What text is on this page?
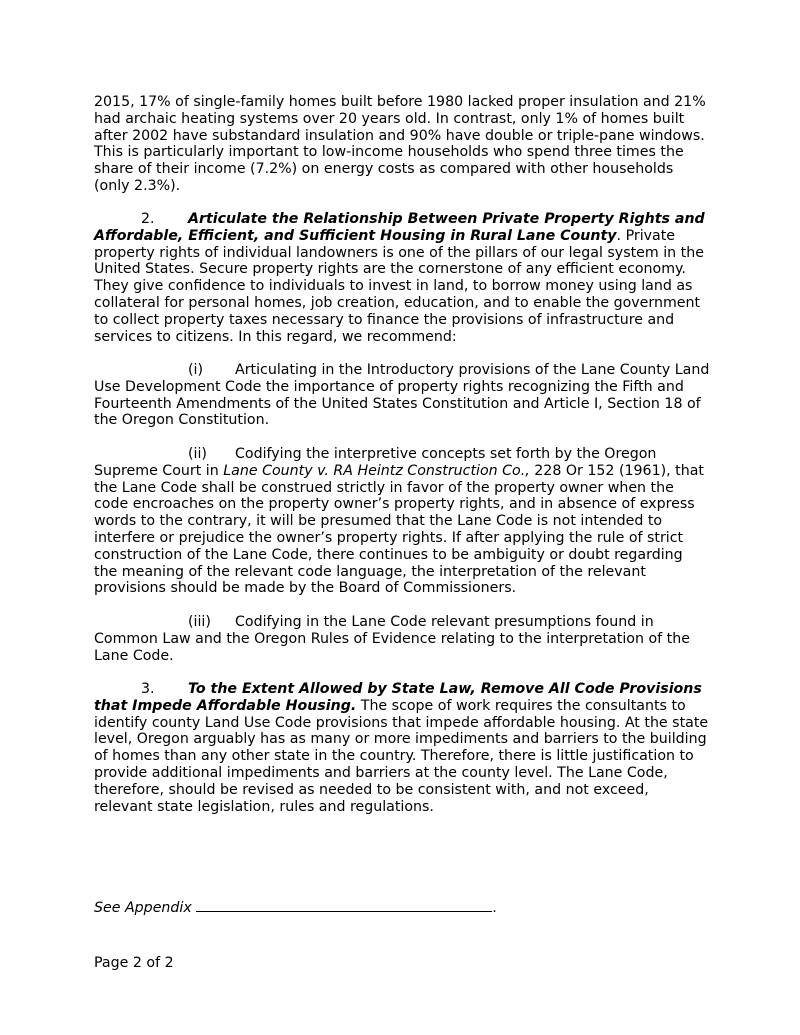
2015, 17% of single-family homes built before 1980 lacked proper insulation and 21% had archaic heating systems over 20 years old. In contrast, only 1% of homes built after 2002 have substandard insulation and 90% have double or triple-pane windows. This is particularly important to low-income households who spend three times the share of their income (7.2%) on energy costs as compared with other households (only 2.3%).

2. Articulate the Relationship Between Private Property Rights and Affordable, Efficient, and Sufficient Housing in Rural Lane County. Private property rights of individual landowners is one of the pillars of our legal system in the United States. Secure property rights are the cornerstone of any efficient economy. They give confidence to individuals to invest in land, to borrow money using land as collateral for personal homes, job creation, education, and to enable the government to collect property taxes necessary to finance the provisions of infrastructure and services to citizens. In this regard, we recommend:

(i) Articulating in the Introductory provisions of the Lane County Land Use Development Code the importance of property rights recognizing the Fifth and Fourteenth Amendments of the United States Constitution and Article I, Section 18 of the Oregon Constitution.

(ii) Codifying the interpretive concepts set forth by the Oregon Supreme Court in Lane County v. RA Heintz Construction Co., 228 Or 152 (1961), that the Lane Code shall be construed strictly in favor of the property owner when the code encroaches on the property owner’s property rights, and in absence of express words to the contrary, it will be presumed that the Lane Code is not intended to interfere or prejudice the owner’s property rights. If after applying the rule of strict construction of the Lane Code, there continues to be ambiguity or doubt regarding the meaning of the relevant code language, the interpretation of the relevant provisions should be made by the Board of Commissioners.

(iii) Codifying in the Lane Code relevant presumptions found in Common Law and the Oregon Rules of Evidence relating to the interpretation of the Lane Code.

3. To the Extent Allowed by State Law, Remove All Code Provisions that Impede Affordable Housing. The scope of work requires the consultants to identify county Land Use Code provisions that impede affordable housing. At the state level, Oregon arguably has as many or more impediments and barriers to the building of homes than any other state in the country. Therefore, there is little justification to provide additional impediments and barriers at the county level. The Lane Code, therefore, should be revised as needed to be consistent with, and not exceed, relevant state legislation, rules and regulations.

See Appendix	.

Page 2 of 2
